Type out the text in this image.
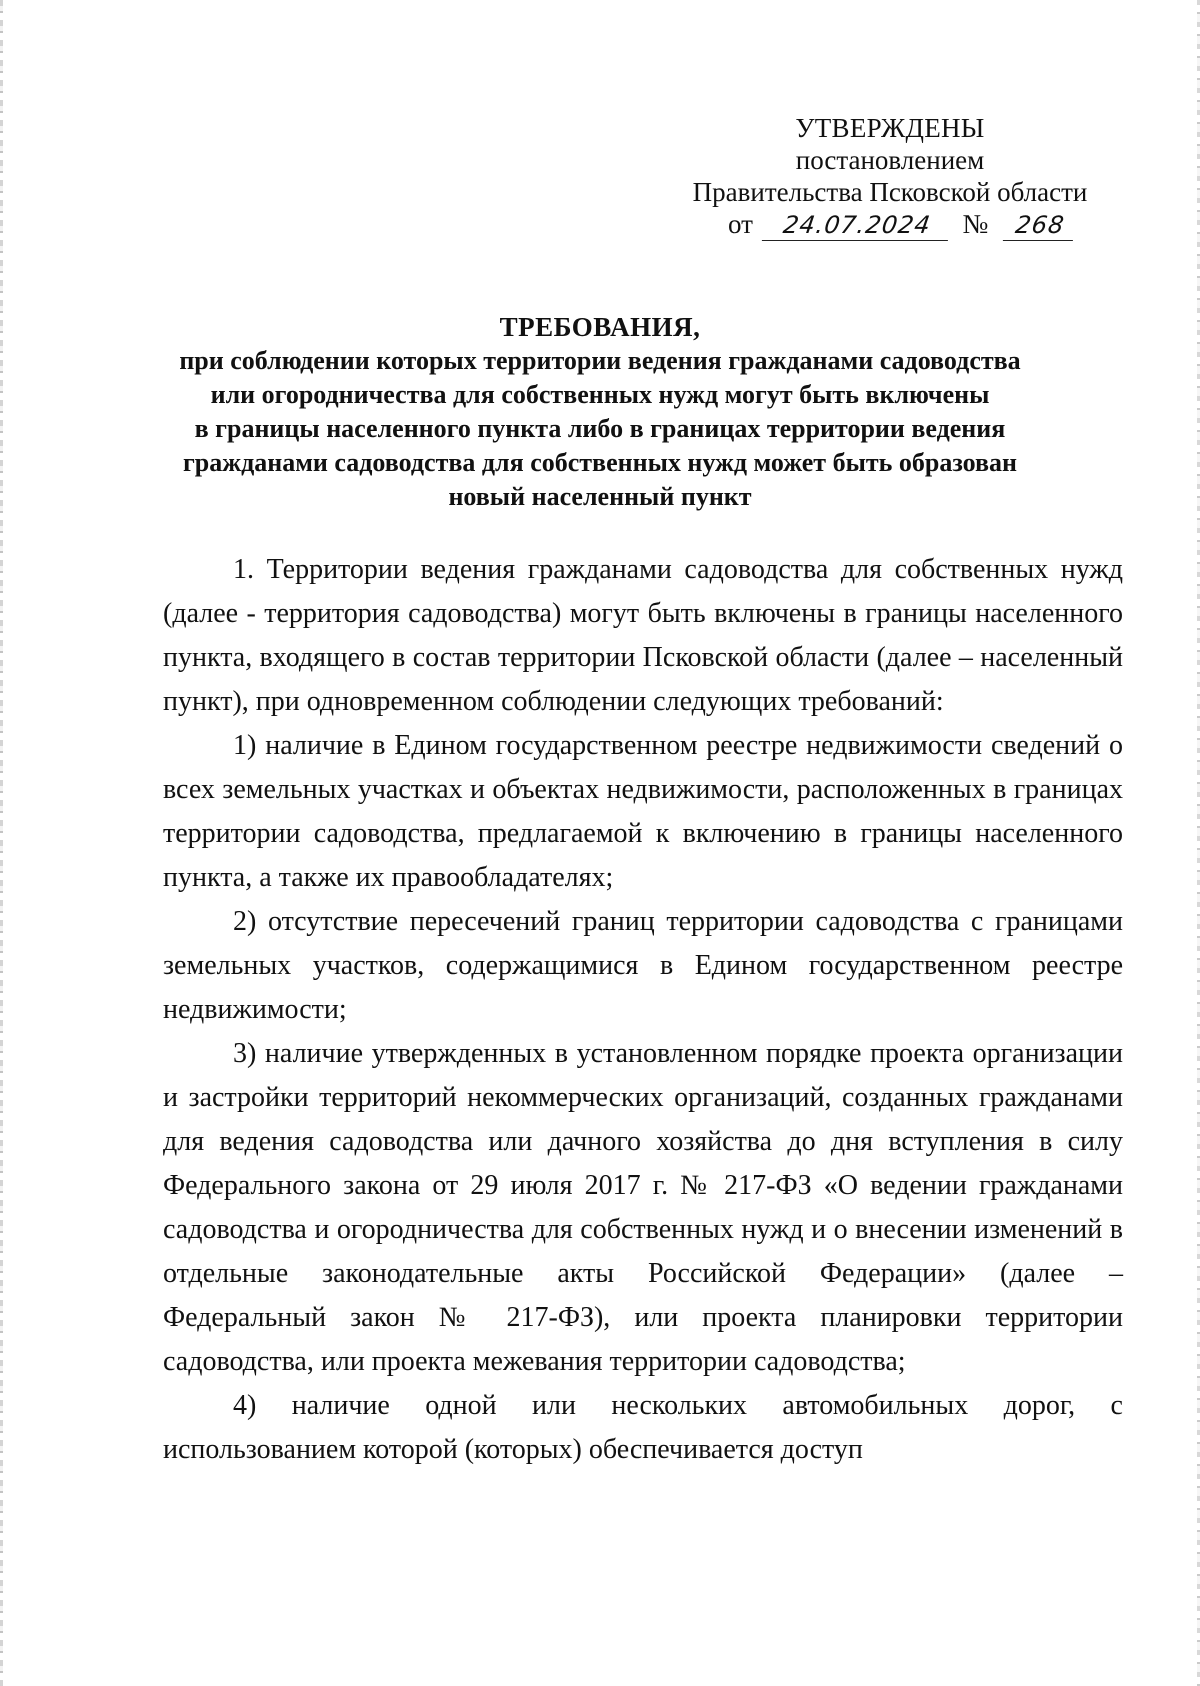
УТВЕРЖДЕНЫ
постановлением
Правительства Псковской области
от 24.07.2024 № 268
ТРЕБОВАНИЯ,
при соблюдении которых территории ведения гражданами садоводства
или огородничества для собственных нужд могут быть включены
в границы населенного пункта либо в границах территории ведения
гражданами садоводства для собственных нужд может быть образован
новый населенный пункт

1. Территории ведения гражданами садоводства для собственных нужд (далее - территория садоводства) могут быть включены в границы населенного пункта, входящего в состав территории Псковской области (далее – населенный пункт), при одновременном соблюдении следующих требований:

1) наличие в Едином государственном реестре недвижимости сведений о всех земельных участках и объектах недвижимости, расположенных в границах территории садоводства, предлагаемой к включению в границы населенного пункта, а также их правообладателях;

2) отсутствие пересечений границ территории садоводства с границами земельных участков, содержащимися в Едином государственном реестре недвижимости;

3) наличие утвержденных в установленном порядке проекта организации и застройки территорий некоммерческих организаций, созданных гражданами для ведения садоводства или дачного хозяйства до дня вступления в силу Федерального закона от 29 июля 2017 г. № 217-ФЗ «О ведении гражданами садоводства и огородничества для собственных нужд и о внесении изменений в отдельные законодательные акты Российской Федерации» (далее – Федеральный закон № 217-ФЗ), или проекта планировки территории садоводства, или проекта межевания территории садоводства;

4) наличие одной или нескольких автомобильных дорог, с использованием которой (которых) обеспечивается доступ
